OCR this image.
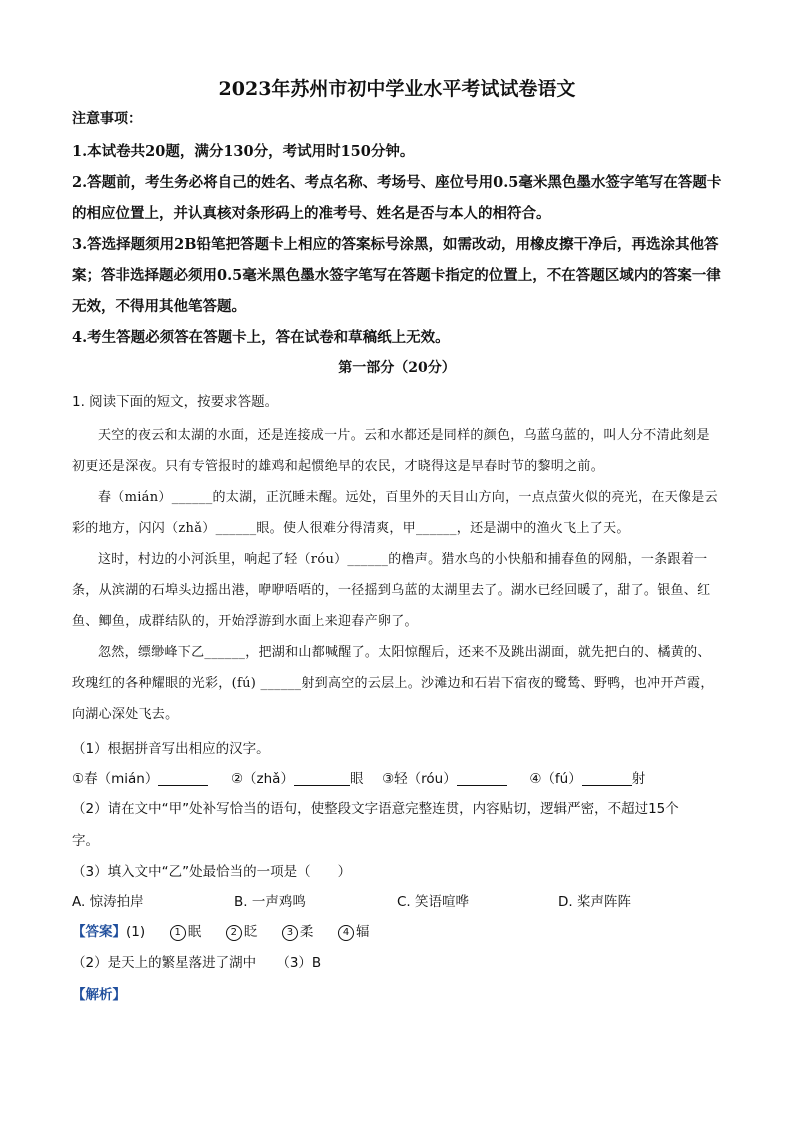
2023年苏州市初中学业水平考试试卷语文
注意事项：

1.本试卷共20题，满分130分，考试用时150分钟。

2.答题前，考生务必将自己的姓名、考点名称、考场号、座位号用0.5毫米黑色墨水签字笔写在答题卡的相应位置上，并认真核对条形码上的准考号、姓名是否与本人的相符合。

3.答选择题须用2B铅笔把答题卡上相应的答案标号涂黑，如需改动，用橡皮擦干净后，再选涂其他答案；答非选择题必须用0.5毫米黑色墨水签字笔写在答题卡指定的位置上，不在答题区域内的答案一律无效，不得用其他笔答题。

4.考生答题必须答在答题卡上，答在试卷和草稿纸上无效。

第一部分（20分）
1. 阅读下面的短文，按要求答题。

天空的夜云和太湖的水面，还是连接成一片。云和水都还是同样的颜色，乌蓝乌蓝的，叫人分不清此刻是初更还是深夜。只有专管报时的雄鸡和起惯绝早的农民，才晓得这是早春时节的黎明之前。

春（mián）______的太湖，正沉睡未醒。远处，百里外的天目山方向，一点点萤火似的亮光，在天像是云彩的地方，闪闪（zhǎ）______眼。使人很难分得清爽，甲______，还是湖中的渔火飞上了天。

这时，村边的小河浜里，响起了轻（róu）______的橹声。猎水鸟的小快船和捕春鱼的网船，一条跟着一条，从滨湖的石埠头边摇出港，咿咿唔唔的，一径摇到乌蓝的太湖里去了。湖水已经回暖了，甜了。银鱼、红鱼、鲫鱼，成群结队的，开始浮游到水面上来迎春产卵了。

忽然，缥缈峰下乙______，把湖和山都喊醒了。太阳惊醒后，还来不及跳出湖面，就先把白的、橘黄的、玫瑰红的各种耀眼的光彩，(fú) ______射到高空的云层上。沙滩边和石岩下宿夜的鹭鸶、野鸭，也冲开芦霞，向湖心深处飞去。

（1）根据拼音写出相应的汉字。
①春（mián）	②（zhǎ）	眼 ③轻（róu）	④（fú）	射
（2）请在文中“甲”处补写恰当的语句，使整段文字语意完整连贯，内容贴切，逻辑严密，不超过15个
字。
（3）填入文中“乙”处最恰当的一项是（　　）
A. 惊涛拍岸	B. 一声鸡鸣	C. 笑语喧哗	D. 桨声阵阵
【答案】(1)	1 眠	2 眨	3 柔	4 辐
（2）是天上的繁星落进了湖中　　（3）B
【解析】
